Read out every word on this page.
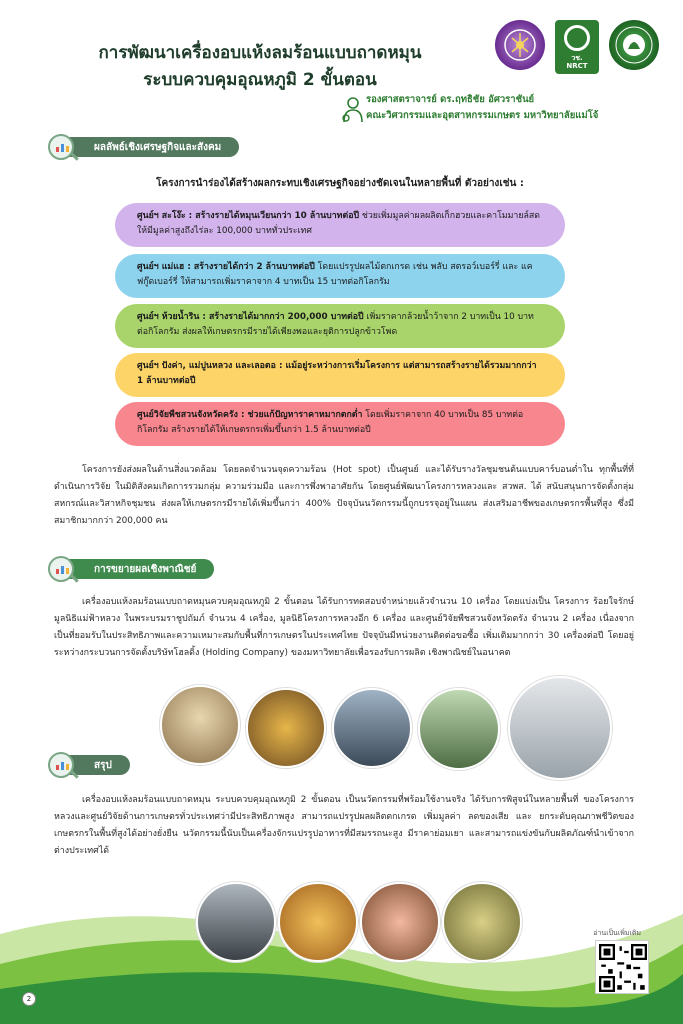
การพัฒนาเครื่องอบแห้งลมร้อนแบบถาดหมุน
ระบบควบคุมอุณหภูมิ 2 ขั้นตอน
วช.
NRCT
รองศาสตราจารย์ ดร.ฤทธิชัย อัศวราชันย์
คณะวิศวกรรมและอุตสาหกรรมเกษตร มหาวิทยาลัยแม่โจ้
ผลลัพธ์เชิงเศรษฐกิจและสังคม
โครงการนำร่องได้สร้างผลกระทบเชิงเศรษฐกิจอย่างชัดเจนในหลายพื้นที่ ตัวอย่างเช่น :
ศูนย์ฯ สะโง๊ะ : สร้างรายได้หมุนเวียนกว่า 10 ล้านบาทต่อปี ช่วยเพิ่มมูลค่าผลผลิตเก็กฮวยและคาโมมายล์สด ให้มีมูลค่าสูงถึงไร่ละ 100,000 บาททั่วประเทศ
ศูนย์ฯ แม่แฮ : สร้างรายได้กว่า 2 ล้านบาทต่อปี โดยแปรรูปผลไม้ตกเกรด เช่น พลับ สตรอว์เบอร์รี่ และ แคฟกู๊ดเบอร์รี่ ให้สามารถเพิ่มราคาจาก 4 บาทเป็น 15 บาทต่อกิโลกรัม
ศูนย์ฯ ห้วยน้ำริน : สร้างรายได้มากกว่า 200,000 บาทต่อปี เพิ่มราคากล้วยน้ำว้าจาก 2 บาทเป็น 10 บาท ต่อกิโลกรัม ส่งผลให้เกษตรกรมีรายได้เพียงพอและยุติการปลูกข้าวโพด
ศูนย์ฯ ปังค่า, แม่ปูนหลวง และเลอตอ : แม้อยู่ระหว่างการเริ่มโครงการ แต่สามารถสร้างรายได้รวมมากกว่า 1 ล้านบาทต่อปี
ศูนย์วิจัยพืชสวนจังหวัดครัง : ช่วยแก้ปัญหาราคาหมากตกต่ำ โดยเพิ่มราคาจาก 40 บาทเป็น 85 บาทต่อ กิโลกรัม สร้างรายได้ให้เกษตรกรเพิ่มขึ้นกว่า 1.5 ล้านบาทต่อปี
โครงการยังส่งผลในด้านสิ่งแวดล้อม โดยลดจำนวนจุดความร้อน (Hot spot) เป็นศูนย์ และได้รับรางวัลชุมชนต้นแบบคาร์บอนต่ำใน ทุกพื้นที่ที่ดำเนินการวิจัย ในมิติสังคมเกิดการรวมกลุ่ม ความร่วมมือ และการพึ่งพาอาศัยกัน โดยศูนย์พัฒนาโครงการหลวงและ สวพส. ได้ สนับสนุนการจัดตั้งกลุ่มสหกรณ์และวิสาหกิจชุมชน ส่งผลให้เกษตรกรมีรายได้เพิ่มขึ้นกว่า 400% ปัจจุบันนวัตกรรมนี้ถูกบรรจุอยู่ในแผน ส่งเสริมอาชีพของเกษตรกรพื้นที่สูง ซึ่งมีสมาชิกมากกว่า 200,000 คน
การขยายผลเชิงพาณิชย์
เครื่องอบแห้งลมร้อนแบบถาดหมุนควบคุมอุณหภูมิ 2 ขั้นตอน ได้รับการทดสอบจำหน่ายแล้วจำนวน 10 เครื่อง โดยแบ่งเป็น โครงการ ร้อยใจรักษ์ มูลนิธิแม่ฟ้าหลวง ในพระบรมราชูปถัมภ์ จำนวน 4 เครื่อง, มูลนิธิโครงการหลวงอีก 6 เครื่อง และศูนย์วิจัยพืชสวนจังหวัดตรัง จำนวน 2 เครื่อง เนื่องจากเป็นที่ยอมรับในประสิทธิภาพและความเหมาะสมกับพื้นที่การเกษตรในประเทศไทย ปัจจุบันมีหน่วยงานติดต่อขอซื้อ เพิ่มเติมมากกว่า 30 เครื่องต่อปี โดยอยู่ระหว่างกระบวนการจัดตั้งบริษัทโฮลดิ้ง (Holding Company) ของมหาวิทยาลัยเพื่อรองรับการผลิต เชิงพาณิชย์ในอนาคต
สรุป
เครื่องอบแห้งลมร้อนแบบถาดหมุน ระบบควบคุมอุณหภูมิ 2 ขั้นตอน เป็นนวัตกรรมที่พร้อมใช้งานจริง ได้รับการพิสูจน์ในหลายพื้นที่ ของโครงการหลวงและศูนย์วิจัยด้านการเกษตรทั่วประเทศว่ามีประสิทธิภาพสูง สามารถแปรรูปผลผลิตตกเกรด เพิ่มมูลค่า ลดของเสีย และ ยกระดับคุณภาพชีวิตของเกษตรกรในพื้นที่สูงได้อย่างยั่งยืน นวัตกรรมนี้นับเป็นเครื่องจักรแปรรูปอาหารที่มีสมรรถนะสูง มีราคาย่อมเยา และสามารถแข่งขันกับผลิตภัณฑ์นำเข้าจากต่างประเทศได้
อ่านเป็นเพิ่มเติม
2
